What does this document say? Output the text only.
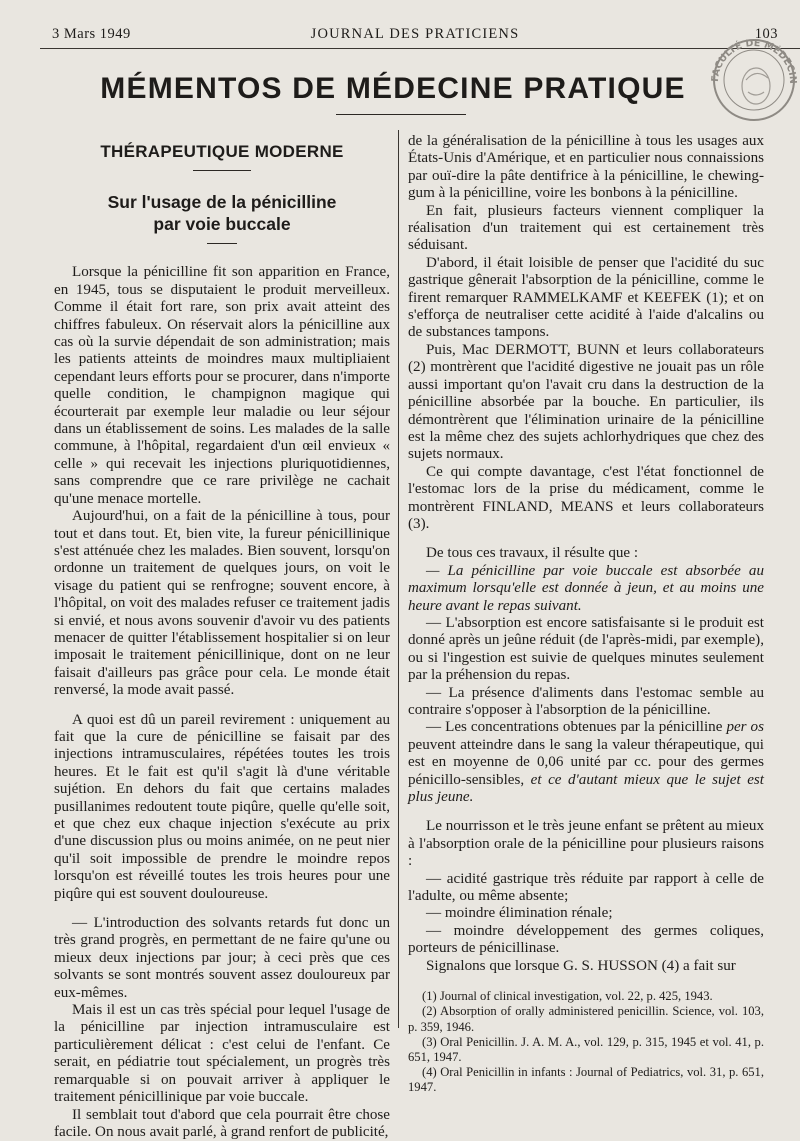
3 Mars 1949	JOURNAL DES PRATICIENS	103
FACULTÉ DE MÉDECIN
MÉMENTOS DE MÉDECINE PRATIQUE
THÉRAPEUTIQUE MODERNE
Sur l'usage de la pénicilline
par voie buccale

Lorsque la pénicilline fit son apparition en France, en 1945, tous se disputaient le produit merveilleux. Comme il était fort rare, son prix avait atteint des chiffres fabuleux. On réservait alors la pénicilline aux cas où la survie dépendait de son administration; mais les patients atteints de moindres maux multipliaient cependant leurs efforts pour se procurer, dans n'importe quelle condition, le champignon magique qui écourterait par exemple leur maladie ou leur séjour dans un établissement de soins. Les malades de la salle commune, à l'hôpital, regardaient d'un œil envieux « celle » qui recevait les injections pluriquotidiennes, sans comprendre que ce rare privilège ne cachait qu'une menace mortelle.

Aujourd'hui, on a fait de la pénicilline à tous, pour tout et dans tout. Et, bien vite, la fureur pénicillinique s'est atténuée chez les malades. Bien souvent, lorsqu'on ordonne un traitement de quelques jours, on voit le visage du patient qui se renfrogne; souvent encore, à l'hôpital, on voit des malades refuser ce traitement jadis si envié, et nous avons souvenir d'avoir vu des patients menacer de quitter l'établissement hospitalier si on leur imposait le traitement pénicillinique, dont on ne leur faisait d'ailleurs pas grâce pour cela. Le monde était renversé, la mode avait passé.

A quoi est dû un pareil revirement : uniquement au fait que la cure de pénicilline se faisait par des injections intramusculaires, répétées toutes les trois heures. Et le fait est qu'il s'agit là d'une véritable sujétion. En dehors du fait que certains malades pusillanimes redoutent toute piqûre, quelle qu'elle soit, et que chez eux chaque injection s'exécute au prix d'une discussion plus ou moins animée, on ne peut nier qu'il soit impossible de prendre le moindre repos lorsqu'on est réveillé toutes les trois heures pour une piqûre qui est souvent douloureuse.

— L'introduction des solvants retards fut donc un très grand progrès, en permettant de ne faire qu'une ou mieux deux injections par jour; à ceci près que ces solvants se sont montrés souvent assez douloureux par eux-mêmes.

Mais il est un cas très spécial pour lequel l'usage de la pénicilline par injection intramusculaire est particulièrement délicat : c'est celui de l'enfant. Ce serait, en pédiatrie tout spécialement, un progrès très remarquable si on pouvait arriver à appliquer le traitement pénicillinique par voie buccale.

Il semblait tout d'abord que cela pourrait être chose facile. On nous avait parlé, à grand renfort de publicité,

de la généralisation de la pénicilline à tous les usages aux États-Unis d'Amérique, et en particulier nous connaissions par ouï-dire la pâte dentifrice à la pénicilline, le chewing-gum à la pénicilline, voire les bonbons à la pénicilline.

En fait, plusieurs facteurs viennent compliquer la réalisation d'un traitement qui est certainement très séduisant.

D'abord, il était loisible de penser que l'acidité du suc gastrique gênerait l'absorption de la pénicilline, comme le firent remarquer RAMMELKAMF et KEEFEK (1); et on s'efforça de neutraliser cette acidité à l'aide d'alcalins ou de substances tampons.

Puis, Mac DERMOTT, BUNN et leurs collaborateurs (2) montrèrent que l'acidité digestive ne jouait pas un rôle aussi important qu'on l'avait cru dans la destruction de la pénicilline absorbée par la bouche. En particulier, ils démontrèrent que l'élimination urinaire de la pénicilline est la même chez des sujets achlorhydriques que chez des sujets normaux.

Ce qui compte davantage, c'est l'état fonctionnel de l'estomac lors de la prise du médicament, comme le montrèrent FINLAND, MEANS et leurs collaborateurs (3).

De tous ces travaux, il résulte que :

— La pénicilline par voie buccale est absorbée au maximum lorsqu'elle est donnée à jeun, et au moins une heure avant le repas suivant.

— L'absorption est encore satisfaisante si le produit est donné après un jeûne réduit (de l'après-midi, par exemple), ou si l'ingestion est suivie de quelques minutes seulement par la préhension du repas.

— La présence d'aliments dans l'estomac semble au contraire s'opposer à l'absorption de la pénicilline.

— Les concentrations obtenues par la pénicilline per os peuvent atteindre dans le sang la valeur thérapeutique, qui est en moyenne de 0,06 unité par cc. pour des germes pénicillo-sensibles, et ce d'autant mieux que le sujet est plus jeune.

Le nourrisson et le très jeune enfant se prêtent au mieux à l'absorption orale de la pénicilline pour plusieurs raisons :

— acidité gastrique très réduite par rapport à celle de l'adulte, ou même absente;

— moindre élimination rénale;

— moindre développement des germes coliques, porteurs de pénicillinase.

Signalons que lorsque G. S. HUSSON (4) a fait sur

(1) Journal of clinical investigation, vol. 22, p. 425, 1943.

(2) Absorption of orally administered penicillin. Science, vol. 103, p. 359, 1946.

(3) Oral Penicillin. J. A. M. A., vol. 129, p. 315, 1945 et vol. 41, p. 651, 1947.

(4) Oral Penicillin in infants : Journal of Pediatrics, vol. 31, p. 651, 1947.
